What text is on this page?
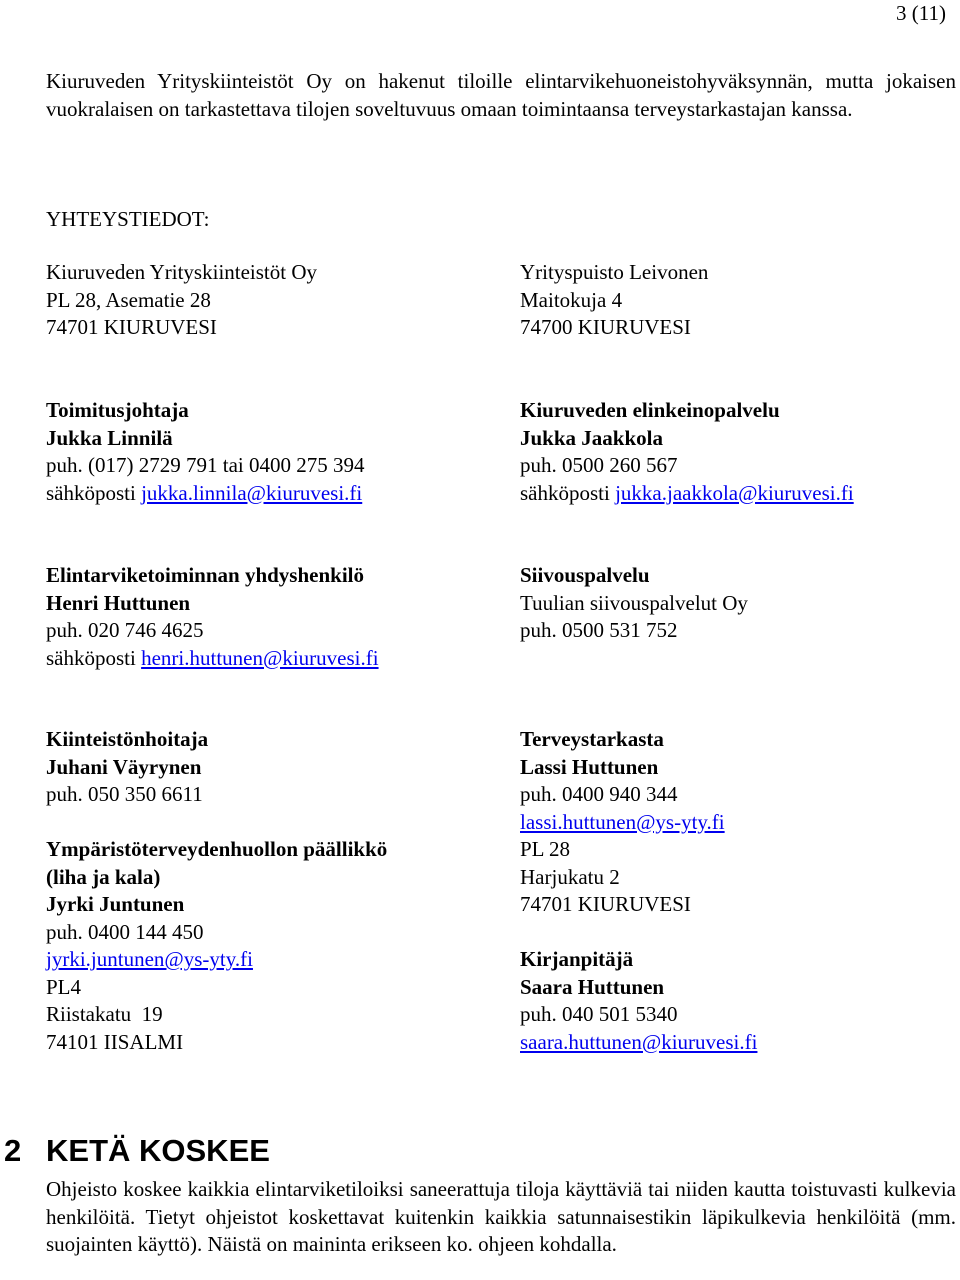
3 (11)

Kiuruveden Yrityskiinteistöt Oy on hakenut tiloille elintarvikehuoneistohyväksynnän, mutta jokaisen vuokralaisen on tarkastettava tilojen soveltuvuus omaan toimintaansa terveystarkastajan kanssa.

YHTEYSTIEDOT:
Kiuruveden Yrityskiinteistöt Oy
PL 28, Asematie 28
74701 KIURUVESI
Yrityspuisto Leivonen
Maitokuja 4
74700 KIURUVESI
Toimitusjohtaja
Jukka Linnilä
puh. (017) 2729 791 tai 0400 275 394
sähköposti jukka.linnila@kiuruvesi.fi
Kiuruveden elinkeinopalvelu
Jukka Jaakkola
puh. 0500 260 567
sähköposti jukka.jaakkola@kiuruvesi.fi
Elintarviketoiminnan yhdyshenkilö
Henri Huttunen
puh. 020 746 4625
sähköposti henri.huttunen@kiuruvesi.fi
Siivouspalvelu
Tuulian siivouspalvelut Oy
puh. 0500 531 752
Kiinteistönhoitaja
Juhani Väyrynen
puh. 050 350 6611

Ympäristöterveydenhuollon päällikkö
(liha ja kala)
Jyrki Juntunen
puh. 0400 144 450
jyrki.juntunen@ys-yty.fi
PL4
Riistakatu  19
74101 IISALMI
Terveystarkasta
Lassi Huttunen
puh. 0400 940 344
lassi.huttunen@ys-yty.fi
PL 28
Harjukatu 2
74701 KIURUVESI

Kirjanpitäjä
Saara Huttunen
puh. 040 501 5340
saara.huttunen@kiuruvesi.fi
2 KETÄ KOSKEE

Ohjeisto koskee kaikkia elintarviketiloiksi saneerattuja tiloja käyttäviä tai niiden kautta toistuvasti kulkevia henkilöitä. Tietyt ohjeistot koskettavat kuitenkin kaikkia satunnaisestikin läpikulkevia henkilöitä (mm. suojainten käyttö). Näistä on maininta erikseen ko. ohjeen kohdalla.
